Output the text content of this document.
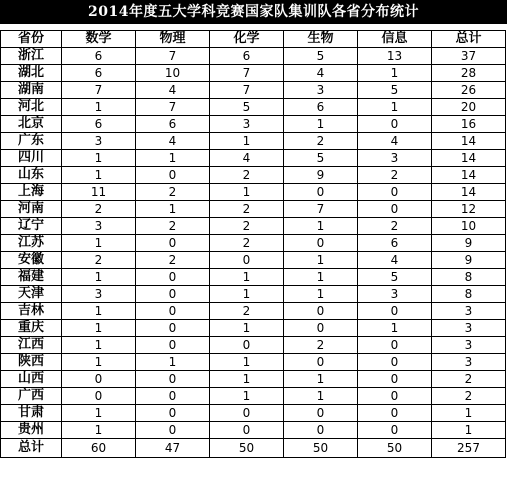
2014年度五大学科竞赛国家队集训队各省分布统计
省份	数学	物理	化学	生物	信息	总计
浙江	6	7	6	5	13	37
湖北	6	10	7	4	1	28
湖南	7	4	7	3	5	26
河北	1	7	5	6	1	20
北京	6	6	3	1	0	16
广东	3	4	1	2	4	14
四川	1	1	4	5	3	14
山东	1	0	2	9	2	14
上海	11	2	1	0	0	14
河南	2	1	2	7	0	12
辽宁	3	2	2	1	2	10
江苏	1	0	2	0	6	9
安徽	2	2	0	1	4	9
福建	1	0	1	1	5	8
天津	3	0	1	1	3	8
吉林	1	0	2	0	0	3
重庆	1	0	1	0	1	3
江西	1	0	0	2	0	3
陕西	1	1	1	0	0	3
山西	0	0	1	1	0	2
广西	0	0	1	1	0	2
甘肃	1	0	0	0	0	1
贵州	1	0	0	0	0	1
总计	60	47	50	50	50	257
